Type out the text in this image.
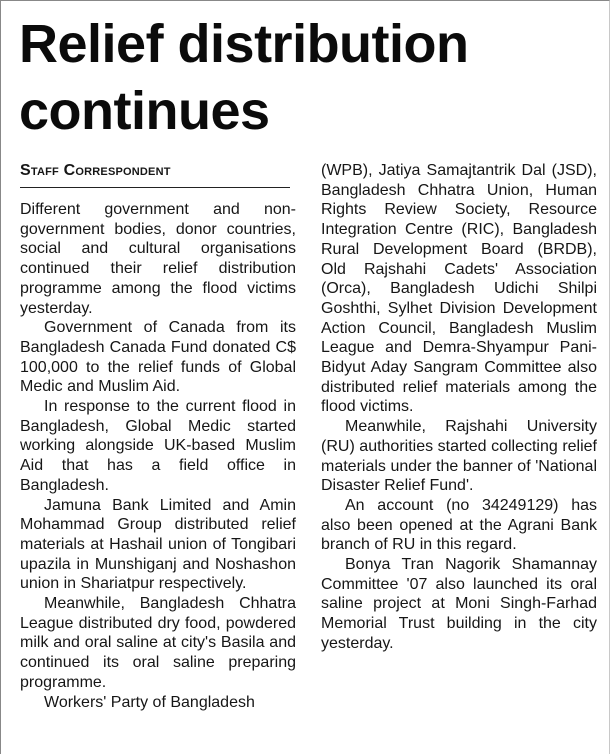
Relief distribution continues
Staff Correspondent

Different government and non-government bodies, donor countries, social and cultural organisations continued their relief distribution programme among the flood victims yesterday.

Government of Canada from its Bangladesh Canada Fund donated C$ 100,000 to the relief funds of Global Medic and Muslim Aid.

In response to the current flood in Bangladesh, Global Medic started working alongside UK-based Muslim Aid that has a field office in Bangladesh.

Jamuna Bank Limited and Amin Mohammad Group distributed relief materials at Hashail union of Tongibari upazila in Munshiganj and Noshashon union in Shariatpur respectively.

Meanwhile, Bangladesh Chhatra League distributed dry food, powdered milk and oral saline at city's Basila and continued its oral saline preparing programme.

Workers' Party of Bangladesh

(WPB), Jatiya Samajtantrik Dal (JSD), Bangladesh Chhatra Union, Human Rights Review Society, Resource Integration Centre (RIC), Bangladesh Rural Development Board (BRDB), Old Rajshahi Cadets' Association (Orca), Bangladesh Udichi Shilpi Goshthi, Sylhet Division Development Action Council, Bangladesh Muslim League and Demra-Shyampur Pani-Bidyut Aday Sangram Committee also distributed relief materials among the flood victims.

Meanwhile, Rajshahi University (RU) authorities started collecting relief materials under the banner of 'National Disaster Relief Fund'.

An account (no 34249129) has also been opened at the Agrani Bank branch of RU in this regard.

Bonya Tran Nagorik Shamannay Committee '07 also launched its oral saline project at Moni Singh-Farhad Memorial Trust building in the city yesterday.
